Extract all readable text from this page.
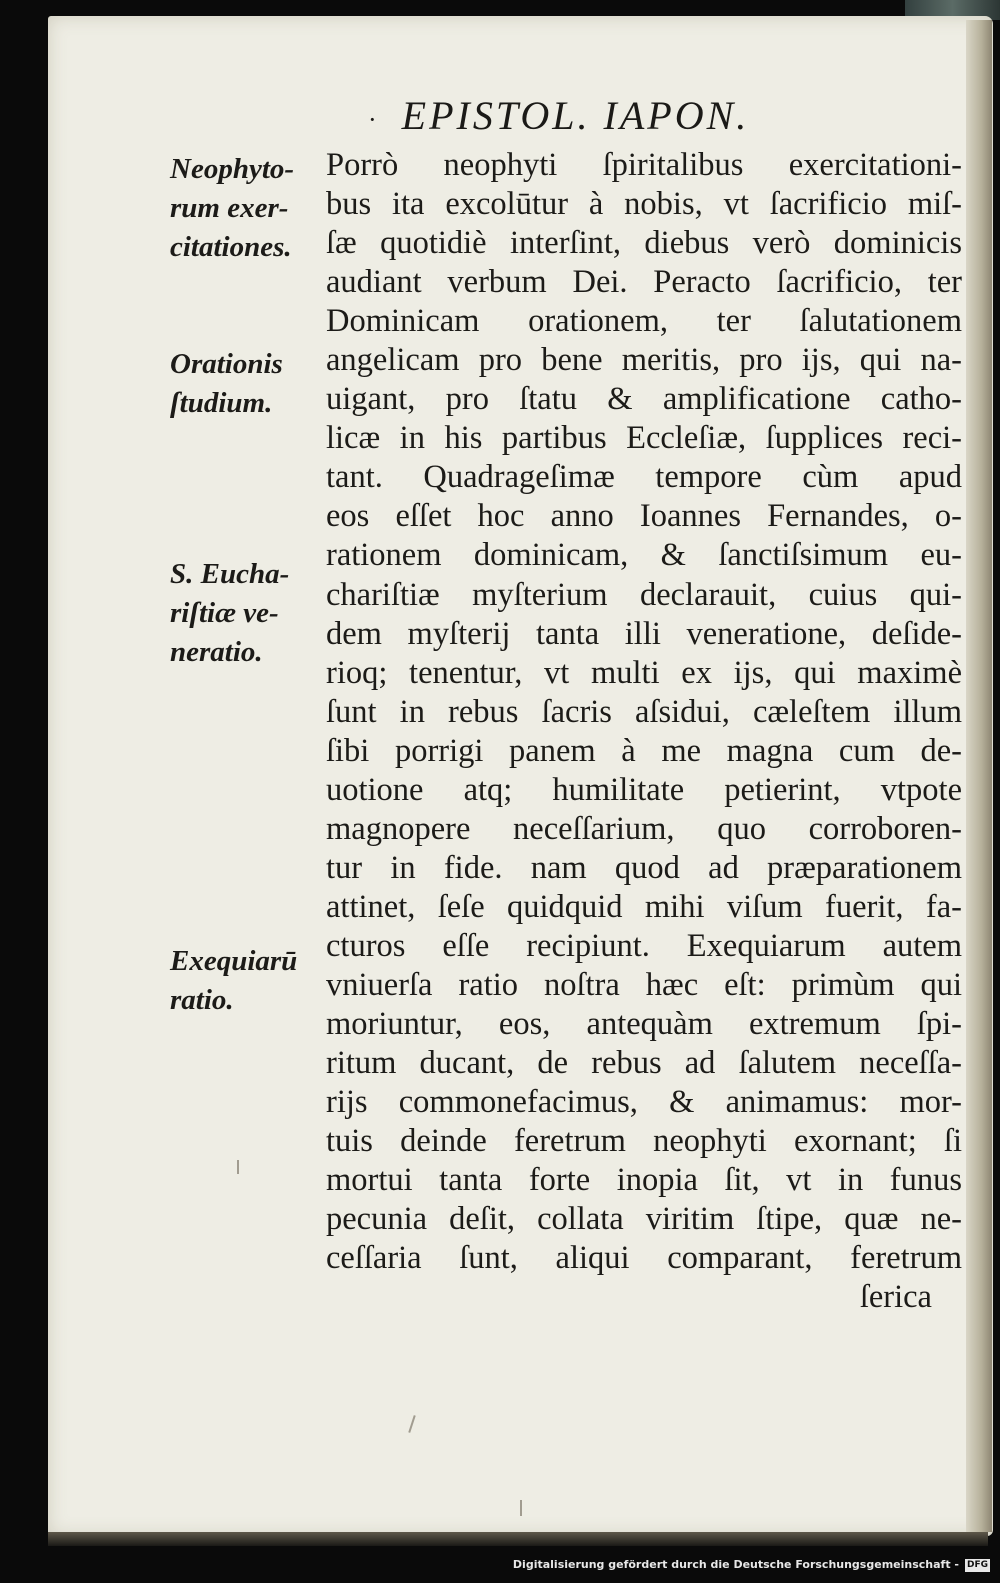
· EPISTOL. IAPON.
Neophyto-
rum exer-
citationes.
Orationis
ſtudium.
S. Eucha-
riſtiæ ve-
neratio.
Exequiarū
ratio.
Porrò neophyti ſpiritalibus exercitationi-
bus ita excolūtur à nobis, vt ſacrificio miſ-
ſæ quotidiè interſint, diebus verò dominicis
audiant verbum Dei. Peracto ſacrificio, ter
Dominicam orationem, ter ſalutationem
angelicam pro bene meritis, pro ijs, qui na-
uigant, pro ſtatu & amplificatione catho-
licæ in his partibus Eccleſiæ, ſupplices reci-
tant. Quadrageſimæ tempore cùm apud
eos eſſet hoc anno Ioannes Fernandes, o-
rationem dominicam, & ſanctiſsimum eu-
chariſtiæ myſterium declarauit, cuius qui-
dem myſterij tanta illi veneratione, deſide-
rioq; tenentur, vt multi ex ijs, qui maximè
ſunt in rebus ſacris aſsidui, cæleſtem illum
ſibi porrigi panem à me magna cum de-
uotione atq; humilitate petierint, vtpote
magnopere neceſſarium, quo corroboren-
tur in fide. nam quod ad præparationem
attinet, ſeſe quidquid mihi viſum fuerit, fa-
cturos eſſe recipiunt. Exequiarum autem
vniuerſa ratio noſtra hæc eſt: primùm qui
moriuntur, eos, antequàm extremum ſpi-
ritum ducant, de rebus ad ſalutem neceſſa-
rijs commonefacimus, & animamus: mor-
tuis deinde feretrum neophyti exornant; ſi
mortui tanta forte inopia ſit, vt in funus
pecunia deſit, collata viritim ſtipe, quæ ne-
ceſſaria ſunt, aliqui comparant, feretrum
ſerica
Digitalisierung gefördert durch die Deutsche Forschungsgemeinschaft - DFG
